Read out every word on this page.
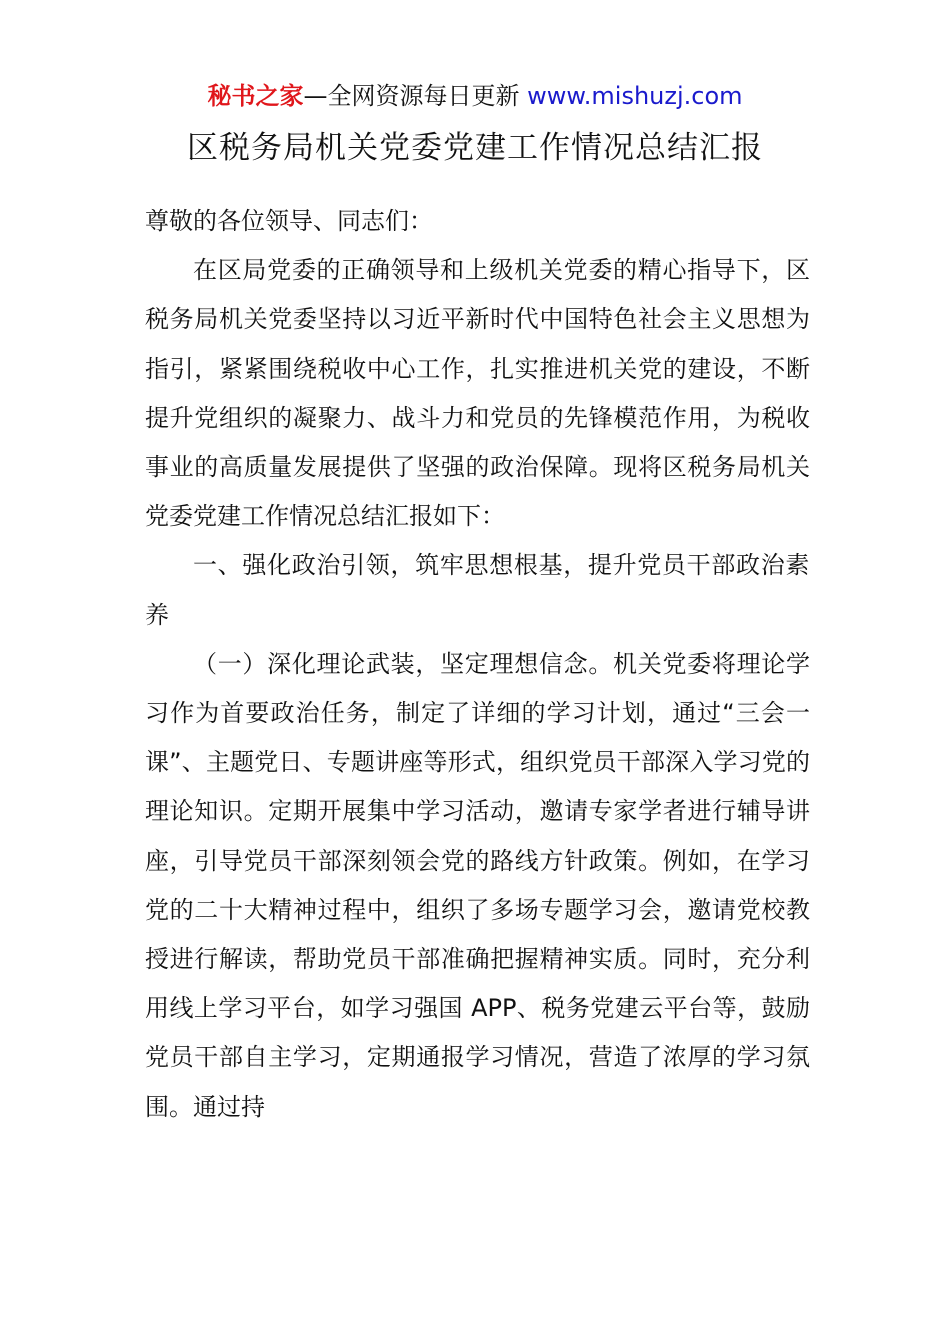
秘书之家—全网资源每日更新 www.mishuzj.com
区税务局机关党委党建工作情况总结汇报

尊敬的各位领导、同志们：

在区局党委的正确领导和上级机关党委的精心指导下，区税务局机关党委坚持以习近平新时代中国特色社会主义思想为指引，紧紧围绕税收中心工作，扎实推进机关党的建设，不断提升党组织的凝聚力、战斗力和党员的先锋模范作用，为税收事业的高质量发展提供了坚强的政治保障。现将区税务局机关党委党建工作情况总结汇报如下：

一、强化政治引领，筑牢思想根基，提升党员干部政治素养

（一）深化理论武装，坚定理想信念。机关党委将理论学习作为首要政治任务，制定了详细的学习计划，通过“三会一课”、主题党日、专题讲座等形式，组织党员干部深入学习党的理论知识。定期开展集中学习活动，邀请专家学者进行辅导讲座，引导党员干部深刻领会党的路线方针政策。例如，在学习党的二十大精神过程中，组织了多场专题学习会，邀请党校教授进行解读，帮助党员干部准确把握精神实质。同时，充分利用线上学习平台，如学习强国 APP、税务党建云平台等，鼓励党员干部自主学习，定期通报学习情况，营造了浓厚的学习氛围。通过持
